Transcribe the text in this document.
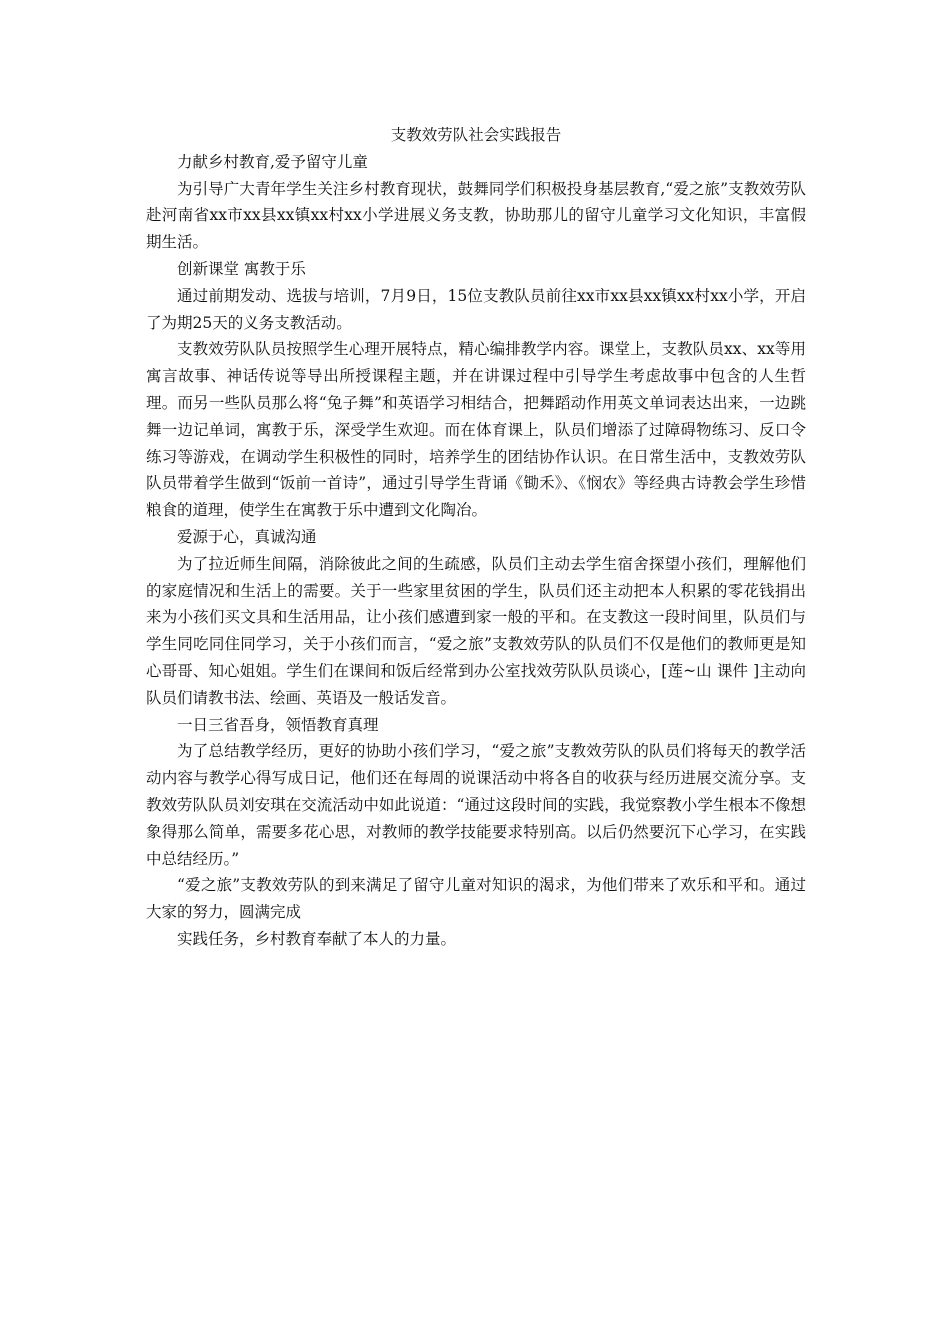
支教效劳队社会实践报告

力献乡村教育,爱予留守儿童

为引导广大青年学生关注乡村教育现状，鼓舞同学们积极投身基层教育,“爱之旅”支教效劳队赴河南省xx市xx县xx镇xx村xx小学进展义务支教，协助那儿的留守儿童学习文化知识，丰富假期生活。

创新课堂 寓教于乐

通过前期发动、选拔与培训，7月9日，15位支教队员前往xx市xx县xx镇xx村xx小学，开启了为期25天的义务支教活动。

支教效劳队队员按照学生心理开展特点，精心编排教学内容。课堂上，支教队员xx、xx等用寓言故事、神话传说等导出所授课程主题，并在讲课过程中引导学生考虑故事中包含的人生哲理。而另一些队员那么将“兔子舞”和英语学习相结合，把舞蹈动作用英文单词表达出来，一边跳舞一边记单词，寓教于乐，深受学生欢迎。而在体育课上，队员们增添了过障碍物练习、反口令练习等游戏，在调动学生积极性的同时，培养学生的团结协作认识。在日常生活中，支教效劳队队员带着学生做到“饭前一首诗”，通过引导学生背诵《锄禾》、《悯农》等经典古诗教会学生珍惜粮食的道理，使学生在寓教于乐中遭到文化陶冶。

爱源于心，真诚沟通

为了拉近师生间隔，消除彼此之间的生疏感，队员们主动去学生宿舍探望小孩们，理解他们的家庭情况和生活上的需要。关于一些家里贫困的学生，队员们还主动把本人积累的零花钱捐出来为小孩们买文具和生活用品，让小孩们感遭到家一般的平和。在支教这一段时间里，队员们与学生同吃同住同学习，关于小孩们而言，“爱之旅”支教效劳队的队员们不仅是他们的教师更是知心哥哥、知心姐姐。学生们在课间和饭后经常到办公室找效劳队队员谈心，[莲~山 课件 ]主动向队员们请教书法、绘画、英语及一般话发音。

一日三省吾身，领悟教育真理

为了总结教学经历，更好的协助小孩们学习，“爱之旅”支教效劳队的队员们将每天的教学活动内容与教学心得写成日记，他们还在每周的说课活动中将各自的收获与经历进展交流分享。支教效劳队队员刘安琪在交流活动中如此说道：“通过这段时间的实践，我觉察教小学生根本不像想象得那么简单，需要多花心思，对教师的教学技能要求特别高。以后仍然要沉下心学习，在实践中总结经历。”

“爱之旅”支教效劳队的到来满足了留守儿童对知识的渴求，为他们带来了欢乐和平和。通过大家的努力，圆满完成

实践任务，乡村教育奉献了本人的力量。
